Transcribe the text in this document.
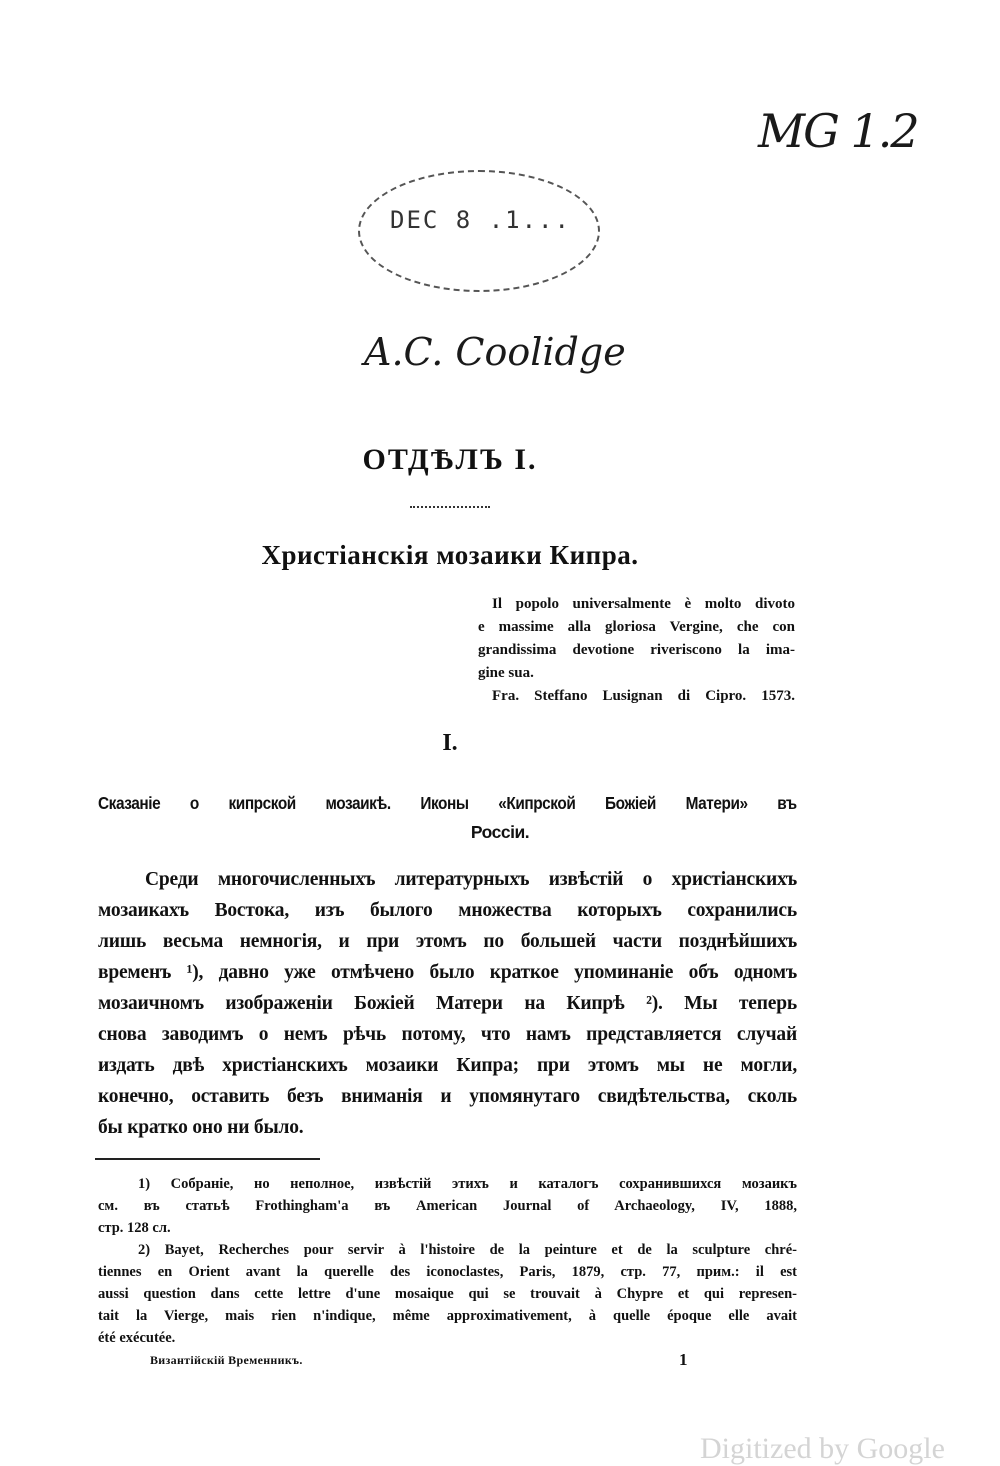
MG 1.2
DEC 8 .1...
A.C. Coolidge
ОТДѢЛЪ I.
Христіанскія мозаики Кипра.
Il popolo universalmente è molto divoto
e massime alla gloriosa Vergine, che con
grandissima devotione riveriscono la ima-
gine sua.
Fra. Steffano Lusignan di Cipro. 1573.
I.
Сказаніе о кипрской мозаикѣ. Иконы «Кипрской Божіей Матери» въ
Россіи.
Среди многочисленныхъ литературныхъ извѣстій о христіанскихъ
мозаикахъ Востока, изъ былого множества которыхъ сохранились
лишь весьма немногія, и при этомъ по большей части позднѣйшихъ
временъ ¹), давно уже отмѣчено было краткое упоминаніе объ одномъ
мозаичномъ изображеніи Божіей Матери на Кипрѣ ²). Мы теперь
снова заводимъ о немъ рѣчь потому, что намъ представляется случай
издать двѣ христіанскихъ мозаики Кипра; при этомъ мы не могли,
конечно, оставить безъ вниманія и упомянутаго свидѣтельства, сколь
бы кратко оно ни было.
1) Собраніе, но неполное, извѣстій этихъ и каталогъ сохранившихся мозаикъ
см. въ статьѣ Frothingham'a въ American Journal of Archaeology, IV, 1888,
стр. 128 сл.
2) Bayet, Recherches pour servir à l'histoire de la peinture et de la sculpture chré-
tiennes en Orient avant la querelle des iconoclastes, Paris, 1879, стр. 77, прим.: il est
aussi question dans cette lettre d'une mosaique qui se trouvait à Chypre et qui represen-
tait la Vierge, mais rien n'indique, même approximativement, à quelle époque elle avait
été exécutée.
Византійскій Временникъ.	1
Digitized by Google
